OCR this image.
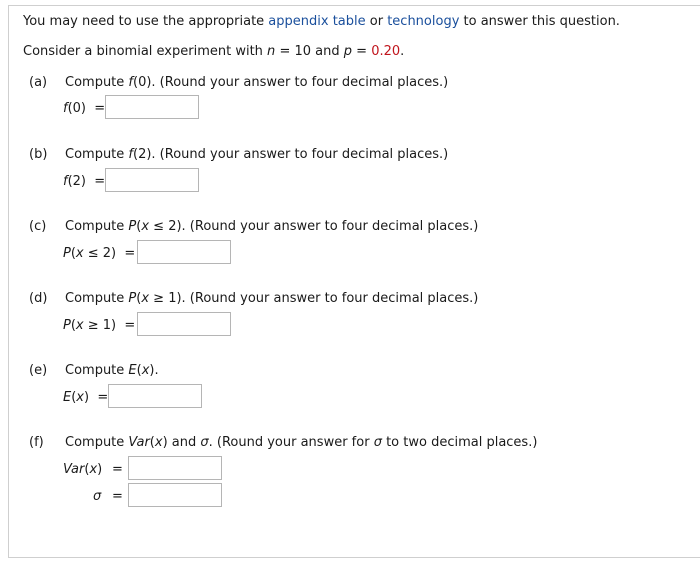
You may need to use the appropriate appendix table or technology to answer this question.
Consider a binomial experiment with n = 10 and p = 0.20.
(a) Compute f(0). (Round your answer to four decimal places.)
f(0)  =
(b) Compute f(2). (Round your answer to four decimal places.)
f(2)  =
(c) Compute P(x ≤ 2). (Round your answer to four decimal places.)
P(x ≤ 2)  =
(d) Compute P(x ≥ 1). (Round your answer to four decimal places.)
P(x ≥ 1)  =
(e) Compute E(x).
E(x)  =
(f) Compute Var(x) and σ. (Round your answer for σ to two decimal places.)
Var(x) =
σ =
